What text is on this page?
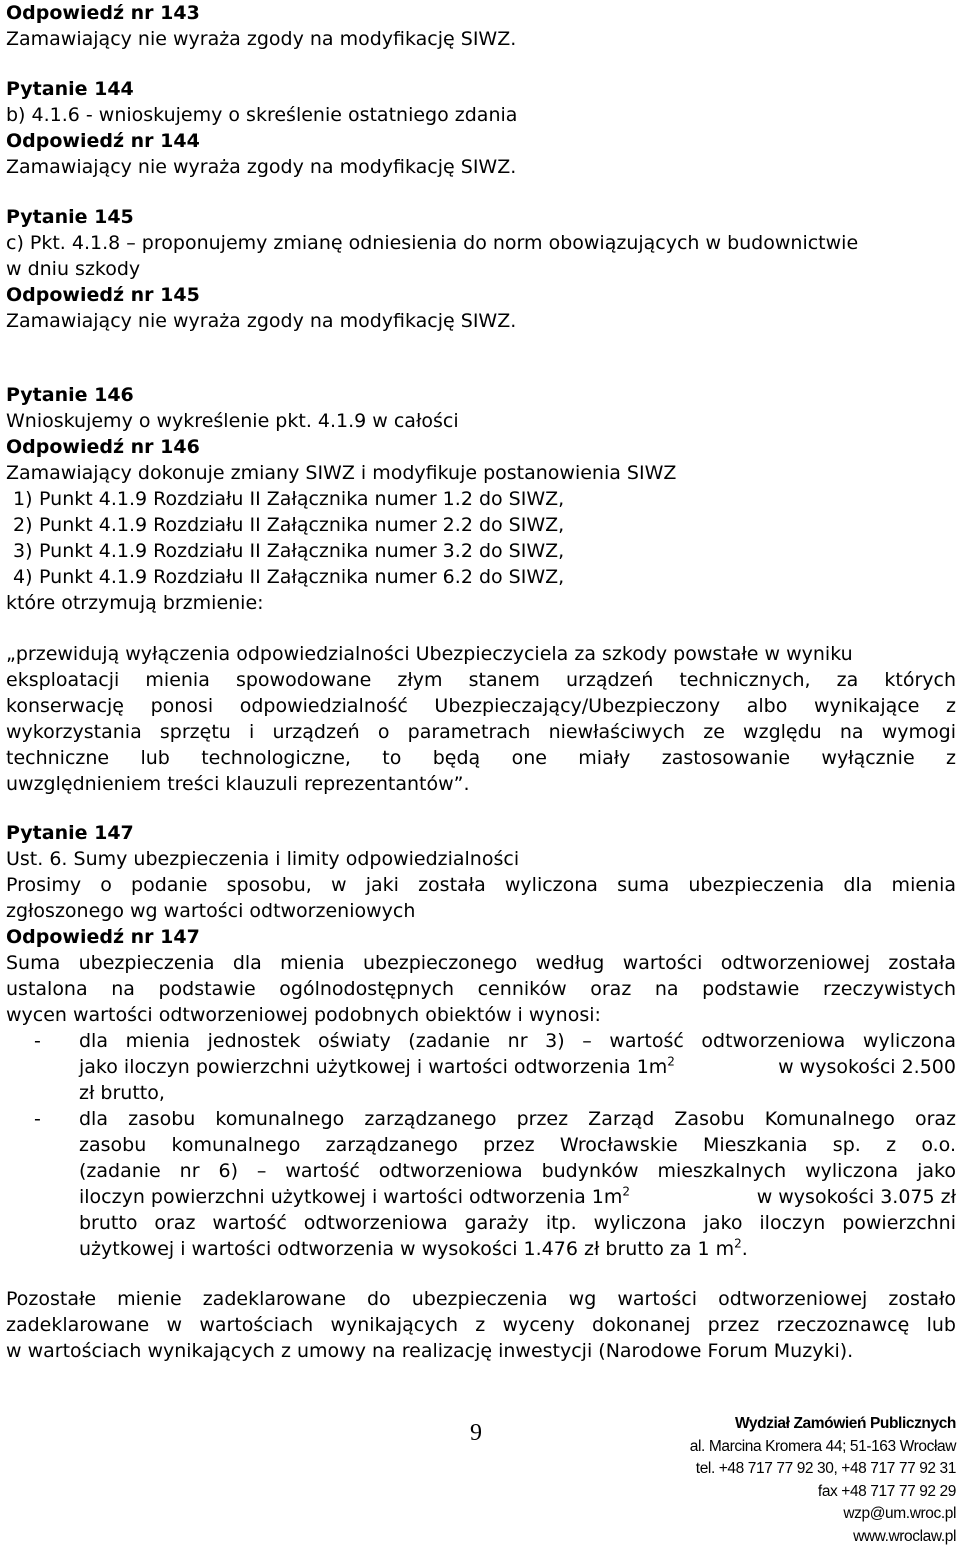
Odpowiedź nr 143
Zamawiający nie wyraża zgody na modyfikację SIWZ.
Pytanie 144
b) 4.1.6 - wnioskujemy o skreślenie ostatniego zdania
Odpowiedź nr 144
Zamawiający nie wyraża zgody na modyfikację SIWZ.
Pytanie 145
c) Pkt. 4.1.8 – proponujemy zmianę odniesienia do norm obowiązujących w budownictwie
w dniu szkody
Odpowiedź nr 145
Zamawiający nie wyraża zgody na modyfikację SIWZ.
Pytanie 146
Wnioskujemy o wykreślenie pkt. 4.1.9 w całości
Odpowiedź nr 146
Zamawiający dokonuje zmiany SIWZ i modyfikuje postanowienia SIWZ
1) Punkt 4.1.9 Rozdziału II Załącznika numer 1.2 do SIWZ,
2) Punkt 4.1.9 Rozdziału II Załącznika numer 2.2 do SIWZ,
3) Punkt 4.1.9 Rozdziału II Załącznika numer 3.2 do SIWZ,
4) Punkt 4.1.9 Rozdziału II Załącznika numer 6.2 do SIWZ,
które otrzymują brzmienie:
„przewidują wyłączenia odpowiedzialności Ubezpieczyciela za szkody powstałe w wyniku
eksploatacji mienia spowodowane złym stanem urządzeń technicznych, za których
konserwację ponosi odpowiedzialność Ubezpieczający/Ubezpieczony albo wynikające z
wykorzystania sprzętu i urządzeń o parametrach niewłaściwych ze względu na wymogi
techniczne lub technologiczne, to będą one miały zastosowanie wyłącznie z
uwzględnieniem treści klauzuli reprezentantów”.
Pytanie 147
Ust. 6. Sumy ubezpieczenia i limity odpowiedzialności
Prosimy o podanie sposobu, w jaki została wyliczona suma ubezpieczenia dla mienia
zgłoszonego wg wartości odtworzeniowych
Odpowiedź nr 147
Suma ubezpieczenia dla mienia ubezpieczonego według wartości odtworzeniowej została
ustalona na podstawie ogólnodostępnych cenników oraz na podstawie rzeczywistych
wycen wartości odtworzeniowej podobnych obiektów i wynosi:
- dla mienia jednostek oświaty (zadanie nr 3) – wartość odtworzeniowa wyliczona
jako iloczyn powierzchni użytkowej i wartości odtworzenia $1m^2$	w wysokości 2.500
zł brutto,
- dla zasobu komunalnego zarządzanego przez Zarząd Zasobu Komunalnego oraz
zasobu komunalnego zarządzanego przez Wrocławskie Mieszkania sp. z o.o.
(zadanie nr 6) – wartość odtworzeniowa budynków mieszkalnych wyliczona jako
iloczyn powierzchni użytkowej i wartości odtworzenia $1m^2$	w wysokości 3.075 zł
brutto oraz wartość odtworzeniowa garaży itp. wyliczona jako iloczyn powierzchni
użytkowej i wartości odtworzenia w wysokości 1.476 zł brutto za 1 $m^2$.
Pozostałe mienie zadeklarowane do ubezpieczenia wg wartości odtworzeniowej zostało
zadeklarowane w wartościach wynikających z wyceny dokonanej przez rzeczoznawcę lub
w wartościach wynikających z umowy na realizację inwestycji (Narodowe Forum Muzyki).
9	Wydział Zamówień Publicznych
al. Marcina Kromera 44; 51-163 Wrocław
tel. +48 717 77 92 30, +48 717 77 92 31
fax +48 717 77 92 29
wzp@um.wroc.pl
www.wroclaw.pl
